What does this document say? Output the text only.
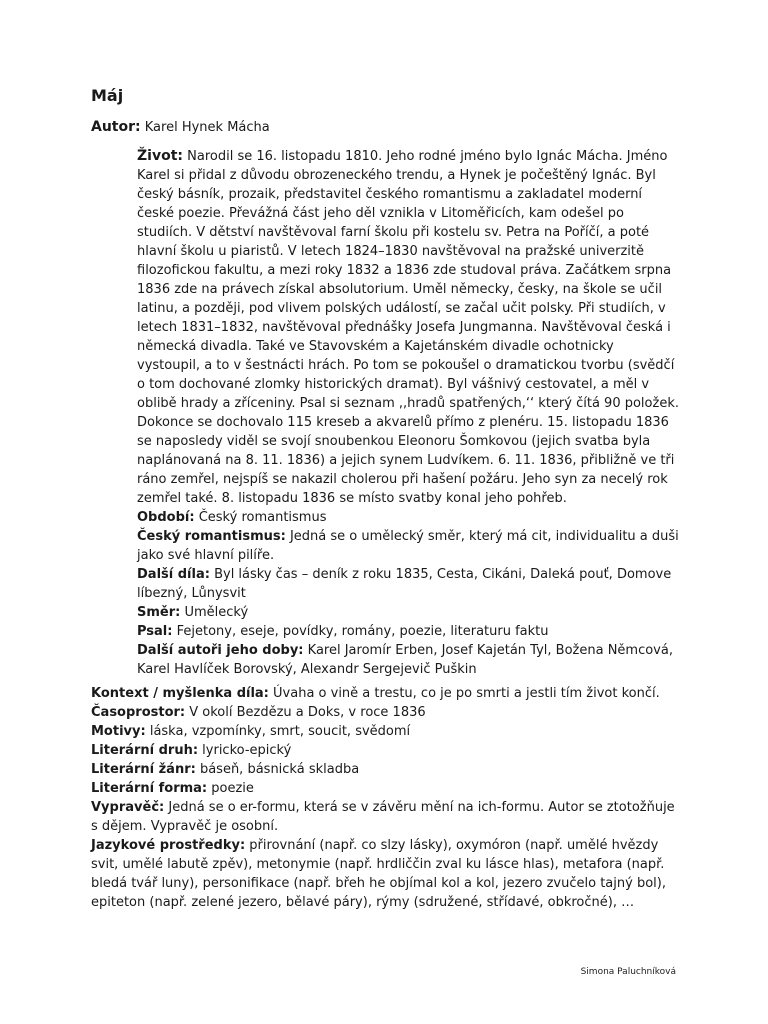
Máj

Autor: Karel Hynek Mácha

Život: Narodil se 16. listopadu 1810. Jeho rodné jméno bylo Ignác Mácha. Jméno Karel si přidal z důvodu obrozeneckého trendu, a Hynek je počeštěný Ignác. Byl český básník, prozaik, představitel českého romantismu a zakladatel moderní české poezie. Převážná část jeho děl vznikla v Litoměřicích, kam odešel po studiích. V dětství navštěvoval farní školu při kostelu sv. Petra na Poříčí, a poté hlavní školu u piaristů. V letech 1824–1830 navštěvoval na pražské univerzitě filozofickou fakultu, a mezi roky 1832 a 1836 zde studoval práva. Začátkem srpna 1836 zde na právech získal absolutorium. Uměl německy, česky, na škole se učil latinu, a později, pod vlivem polských událostí, se začal učit polsky. Při studiích, v letech 1831–1832, navštěvoval přednášky Josefa Jungmanna. Navštěvoval česká i německá divadla. Také ve Stavovském a Kajetánském divadle ochotnicky vystoupil, a to v šestnácti hrách. Po tom se pokoušel o dramatickou tvorbu (svědčí o tom dochované zlomky historických dramat). Byl vášnivý cestovatel, a měl v oblibě hrady a zříceniny. Psal si seznam ,,hradů spatřených,‘‘ který čítá 90 položek. Dokonce se dochovalo 115 kreseb a akvarelů přímo z plenéru. 15. listopadu 1836 se naposledy viděl se svojí snoubenkou Eleonoru Šomkovou (jejich svatba byla naplánovaná na 8. 11. 1836) a jejich synem Ludvíkem. 6. 11. 1836, přibližně ve tři ráno zemřel, nejspíš se nakazil cholerou při hašení požáru. Jeho syn za necelý rok zemřel také. 8. listopadu 1836 se místo svatby konal jeho pohřeb.

Období: Český romantismus

Český romantismus: Jedná se o umělecký směr, který má cit, individualitu a duši jako své hlavní pilíře.

Další díla: Byl lásky čas – deník z roku 1835, Cesta, Cikáni, Daleká pouť, Domove líbezný, Lůnysvit

Směr: Umělecký

Psal: Fejetony, eseje, povídky, romány, poezie, literaturu faktu

Další autoři jeho doby: Karel Jaromír Erben, Josef Kajetán Tyl, Božena Němcová, Karel Havlíček Borovský, Alexandr Sergejevič Puškin

Kontext / myšlenka díla: Úvaha o vině a trestu, co je po smrti a jestli tím život končí.

Časoprostor: V okolí Bezdězu a Doks, v roce 1836

Motivy: láska, vzpomínky, smrt, soucit, svědomí

Literární druh: lyricko-epický

Literární žánr: báseň, básnická skladba

Literární forma: poezie

Vypravěč: Jedná se o er-formu, která se v závěru mění na ich-formu. Autor se ztotožňuje s dějem. Vypravěč je osobní.

Jazykové prostředky: přirovnání (např. co slzy lásky), oxymóron (např. umělé hvězdy svit, umělé labutě zpěv), metonymie (např. hrdliččin zval ku lásce hlas), metafora (např. bledá tvář luny), personifikace (např. břeh he objímal kol a kol, jezero zvučelo tajný bol), epiteton (např. zelené jezero, bělavé páry), rýmy (sdružené, střídavé, obkročné), …

Simona Paluchníková
